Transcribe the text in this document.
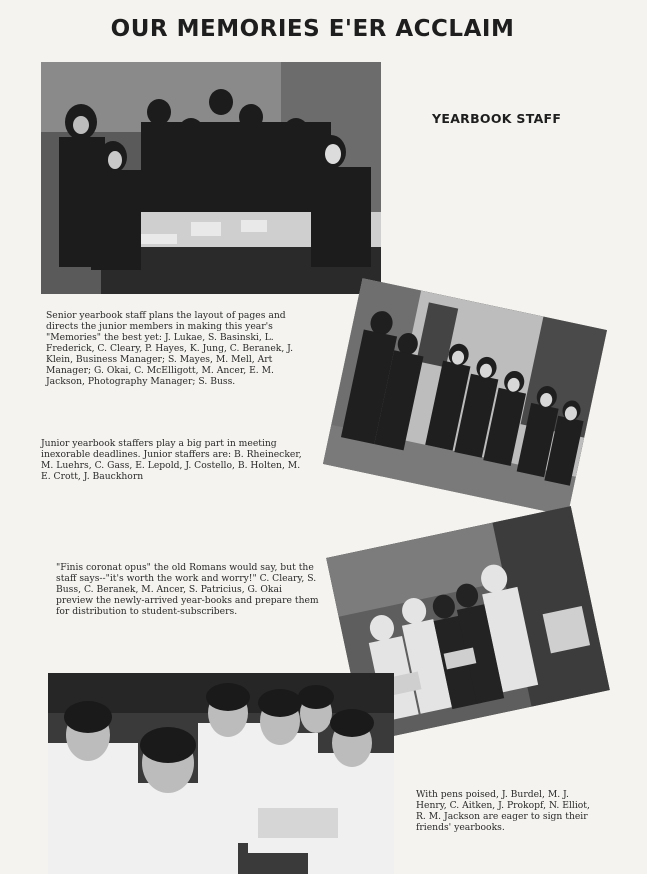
OUR MEMORIES E'ER ACCLAIM
YEARBOOK STAFF

Senior yearbook staff plans the layout of pages and directs the junior members in making this year's "Memories" the best yet: J. Lukae, S. Basinski, L. Frederick, C. Cleary, P. Hayes, K. Jung, C. Beranek, J. Klein, Business Manager; S. Mayes, M. Mell, Art Manager; G. Okai, C. McElligott, M. Ancer, E. M. Jackson, Photography Manager; S. Buss.

Junior yearbook staffers play a big part in meeting inexorable deadlines. Junior staffers are: B. Rheinecker, M. Luehrs, C. Gass, E. Lepold, J. Costello, B. Holten, M. E. Crott, J. Bauckhorn

"Finis coronat opus" the old Romans would say, but the staff says--"it's worth the work and worry!" C. Cleary, S. Buss, C. Beranek, M. Ancer, S. Patricius, G. Okai preview the newly-arrived year-books and prepare them for distribution to student-subscribers.

With pens poised, J. Burdel, M. J. Henry, C. Aitken, J. Prokopf, N. Elliot, R. M. Jackson are eager to sign their friends' yearbooks.
